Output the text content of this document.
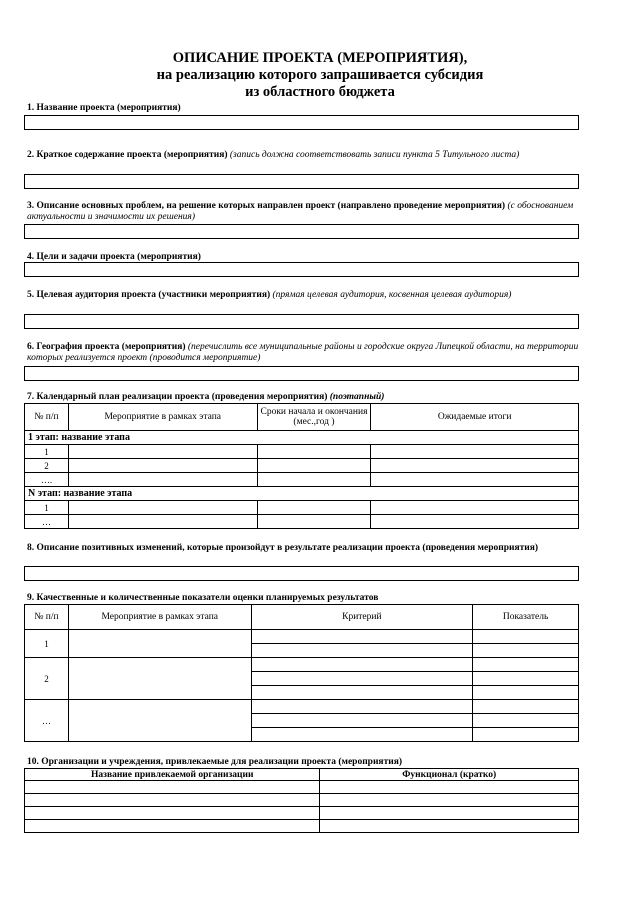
ОПИСАНИЕ ПРОЕКТА (МЕРОПРИЯТИЯ),
на реализацию которого запрашивается субсидия
из областного бюджета
1. Название проекта (мероприятия)
2. Краткое содержание проекта (мероприятия) (запись должна соответствовать записи пункта 5 Титульного листа)
3. Описание основных проблем, на решение которых направлен проект (направлено проведение мероприятия) (с обоснованием актуальности и значимости их решения)
4. Цели и задачи проекта (мероприятия)
5. Целевая аудитория проекта (участники мероприятия) (прямая целевая аудитория, косвенная целевая аудитория)
6. География проекта (мероприятия) (перечислить все муниципальные районы и городские округа Липецкой области, на территории которых реализуется проект (проводится мероприятие)
7. Календарный план реализации проекта (проведения мероприятия) (поэтапный)
№ п/п	Мероприятие в рамках этапа	Сроки начала и окончания (мес.,год )	Ожидаемые итоги
1 этап: название этапа			
1			
2			
….			
N этап: название этапа			
1			
…			
8. Описание позитивных изменений, которые произойдут в результате реализации проекта (проведения мероприятия)
9. Качественные и количественные показатели оценки планируемых результатов
№ п/п	Мероприятие в рамках этапа	Критерий	Показатель
1			

2			

…			

10. Организации и учреждения, привлекаемые для реализации проекта (мероприятия)
Название привлекаемой организации	Функционал (кратко)
